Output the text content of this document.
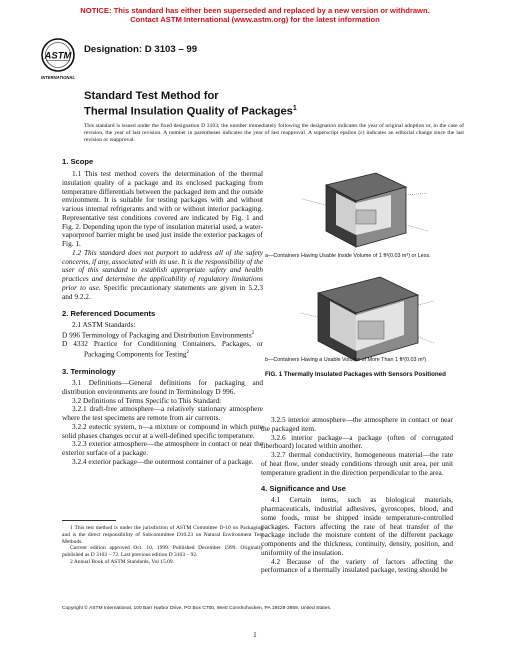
NOTICE: This standard has either been superseded and replaced by a new version or withdrawn.
Contact ASTM International (www.astm.org) for the latest information
ASTM
INTERNATIONAL
Designation: D 3103 – 99
Standard Test Method for
Thermal Insulation Quality of Packages$^1$
This standard is issued under the fixed designation D 3103; the number immediately following the designation indicates the year of original adoption or, in the case of revision, the year of last revision. A number in parentheses indicates the year of last reapproval. A superscript epsilon (ε) indicates an editorial change since the last revision or reapproval.
1. Scope

1.1 This test method covers the determination of the thermal insulation quality of a package and its enclosed packaging from temperature differentials between the packaged item and the outside environment. It is suitable for testing packages with and without various internal refrigerants and with or without interior packaging. Representative test conditions covered are indicated by Fig. 1 and Fig. 2. Depending upon the type of insulation material used, a water-vaporproof barrier might be used just inside the exterior packages of Fig. 1.

1.2 This standard does not purport to address all of the safety concerns, if any, associated with its use. It is the responsibility of the user of this standard to establish appropriate safety and health practices and determine the applicability of regulatory limitations prior to use. Specific precautionary statements are given in 5.2.3 and 9.2.2.

2. Referenced Documents

2.1 ASTM Standards:

D 996 Terminology of Packaging and Distribution Environments$^2$

D 4332 Practice for Conditioning Containers, Packages, or Packaging Components for Testing$^2$

3. Terminology

3.1 Definitions—General definitions for packaging and distribution environments are found in Terminology D 996.

3.2 Definitions of Terms Specific to This Standard:

3.2.1 draft-free atmosphere—a relatively stationary atmosphere where the test specimens are remote from air currents.

3.2.2 eutectic system, n—a mixture or compound in which pure solid phases changes occur at a well-defined specific temperature.

3.2.3 exterior atmosphere—the atmosphere in contact or near the exterior surface of a package.

3.2.4 exterior package—the outermost container of a package.

1 This test method is under the jurisdiction of ASTM Committee D-10 on Packaging and is the direct responsibility of Subcommittee D10.23 on Natural Environment Test Methods.

Current edition approved Oct. 10, 1999. Published December 1999. Originally published as D 3103 – 72. Last previous edition D 3103 – 92.

2 Annual Book of ASTM Standards, Vol 15.09.

a—Containers Having Usable Inside Volume of 1 ft³(0.03 m³) or Less.
b—Containers Having a Usable Volume of More Than 1 ft³(0.03 m³)
FIG. 1 Thermally Insulated Packages with Sensors Positioned

3.2.5 interior atmosphere—the atmosphere in contact or near the packaged item.

3.2.6 interior package—a package (often of corrugated fiberboard) located within another.

3.2.7 thermal conductivity, homogeneous material—the rate of heat flow, under steady conditions through unit area, per unit temperature gradient in the direction perpendicular to the area.

4. Significance and Use

4.1 Certain items, such as biological materials, pharmaceuticals, industrial adhesives, gyroscopes, blood, and some foods, must be shipped inside temperature-controlled packages. Factors affecting the rate of heat transfer of the package include the moisture content of the different package components and the thickness, continuity, density, position, and uniformity of the insulation.

4.2 Because of the variety of factors affecting the performance of a thermally insulated package, testing should be

Copyright © ASTM International, 100 Barr Harbor Drive, PO Box C700, West Conshohocken, PA 19428-2959, United States.
1
